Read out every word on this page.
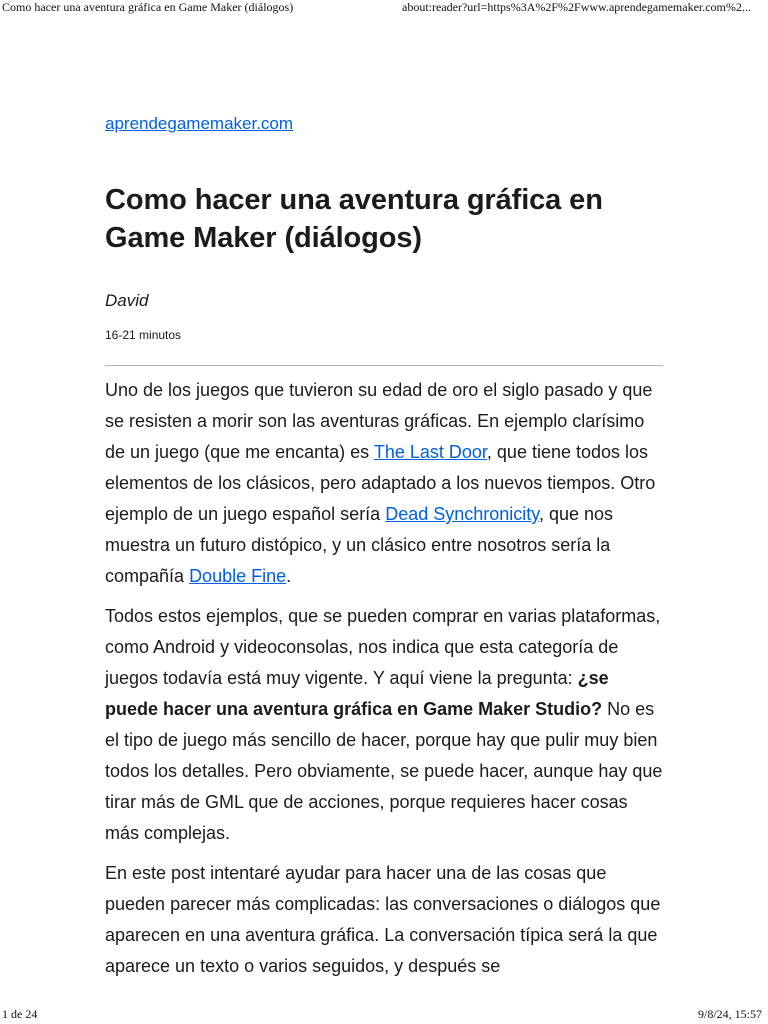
Como hacer una aventura gráfica en Game Maker (diálogos)	about:reader?url=https%3A%2F%2Fwww.aprendegamemaker.com%2...
aprendegamemaker.com
Como hacer una aventura gráfica en Game Maker (diálogos)
David
16-21 minutos

Uno de los juegos que tuvieron su edad de oro el siglo pasado y que se resisten a morir son las aventuras gráficas. En ejemplo clarísimo de un juego (que me encanta) es The Last Door, que tiene todos los elementos de los clásicos, pero adaptado a los nuevos tiempos. Otro ejemplo de un juego español sería Dead Synchronicity, que nos muestra un futuro distópico, y un clásico entre nosotros sería la compañía Double Fine.

Todos estos ejemplos, que se pueden comprar en varias plataformas, como Android y videoconsolas, nos indica que esta categoría de juegos todavía está muy vigente. Y aquí viene la pregunta: ¿se puede hacer una aventura gráfica en Game Maker Studio? No es el tipo de juego más sencillo de hacer, porque hay que pulir muy bien todos los detalles. Pero obviamente, se puede hacer, aunque hay que tirar más de GML que de acciones, porque requieres hacer cosas más complejas.

En este post intentaré ayudar para hacer una de las cosas que pueden parecer más complicadas: las conversaciones o diálogos que aparecen en una aventura gráfica. La conversación típica será la que aparece un texto o varios seguidos, y después se

1 de 24	9/8/24, 15:57
